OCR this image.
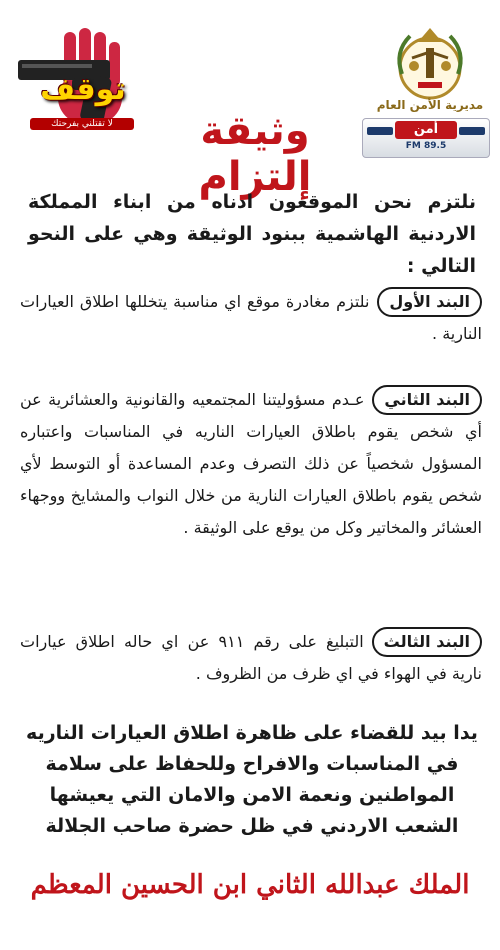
توقف
لا تقتلني بفرحتك	وثيقة إلتزام
مديرية الأمن العام
أمن
FM 89.5
نلتزم نحن الموقعون ادناه من ابناء المملكة الاردنية الهاشمية ببنود الوثيقة وهي على النحو التالي :
البند الأولنلتزم مغادرة موقع اي مناسبة يتخللها اطلاق العيارات النارية .
البند الثانيعـدم مسؤوليتنا المجتمعيه والقانونية والعشائرية عن أي شخص يقوم باطلاق العيارات الناريه في المناسبات واعتباره المسؤول شخصياً عن ذلك التصرف وعدم المساعدة أو التوسط لأي شخص يقوم باطلاق العيارات النارية من خلال النواب والمشايخ ووجهاء العشائر والمخاتير وكل من يوقع على الوثيقة .
البند الثالثالتبليغ على رقم ٩١١ عن اي حاله اطلاق عيارات نارية في الهواء في اي ظرف من الظروف .
يدا بيد للقضاء على ظاهرة اطلاق العيارات الناريه في المناسبات والافراح وللحفاظ على سلامة المواطنين ونعمة الامن والامان التي يعيشها الشعب الاردني في ظل حضرة صاحب الجلالة
الملك عبدالله الثاني ابن الحسين المعظم
